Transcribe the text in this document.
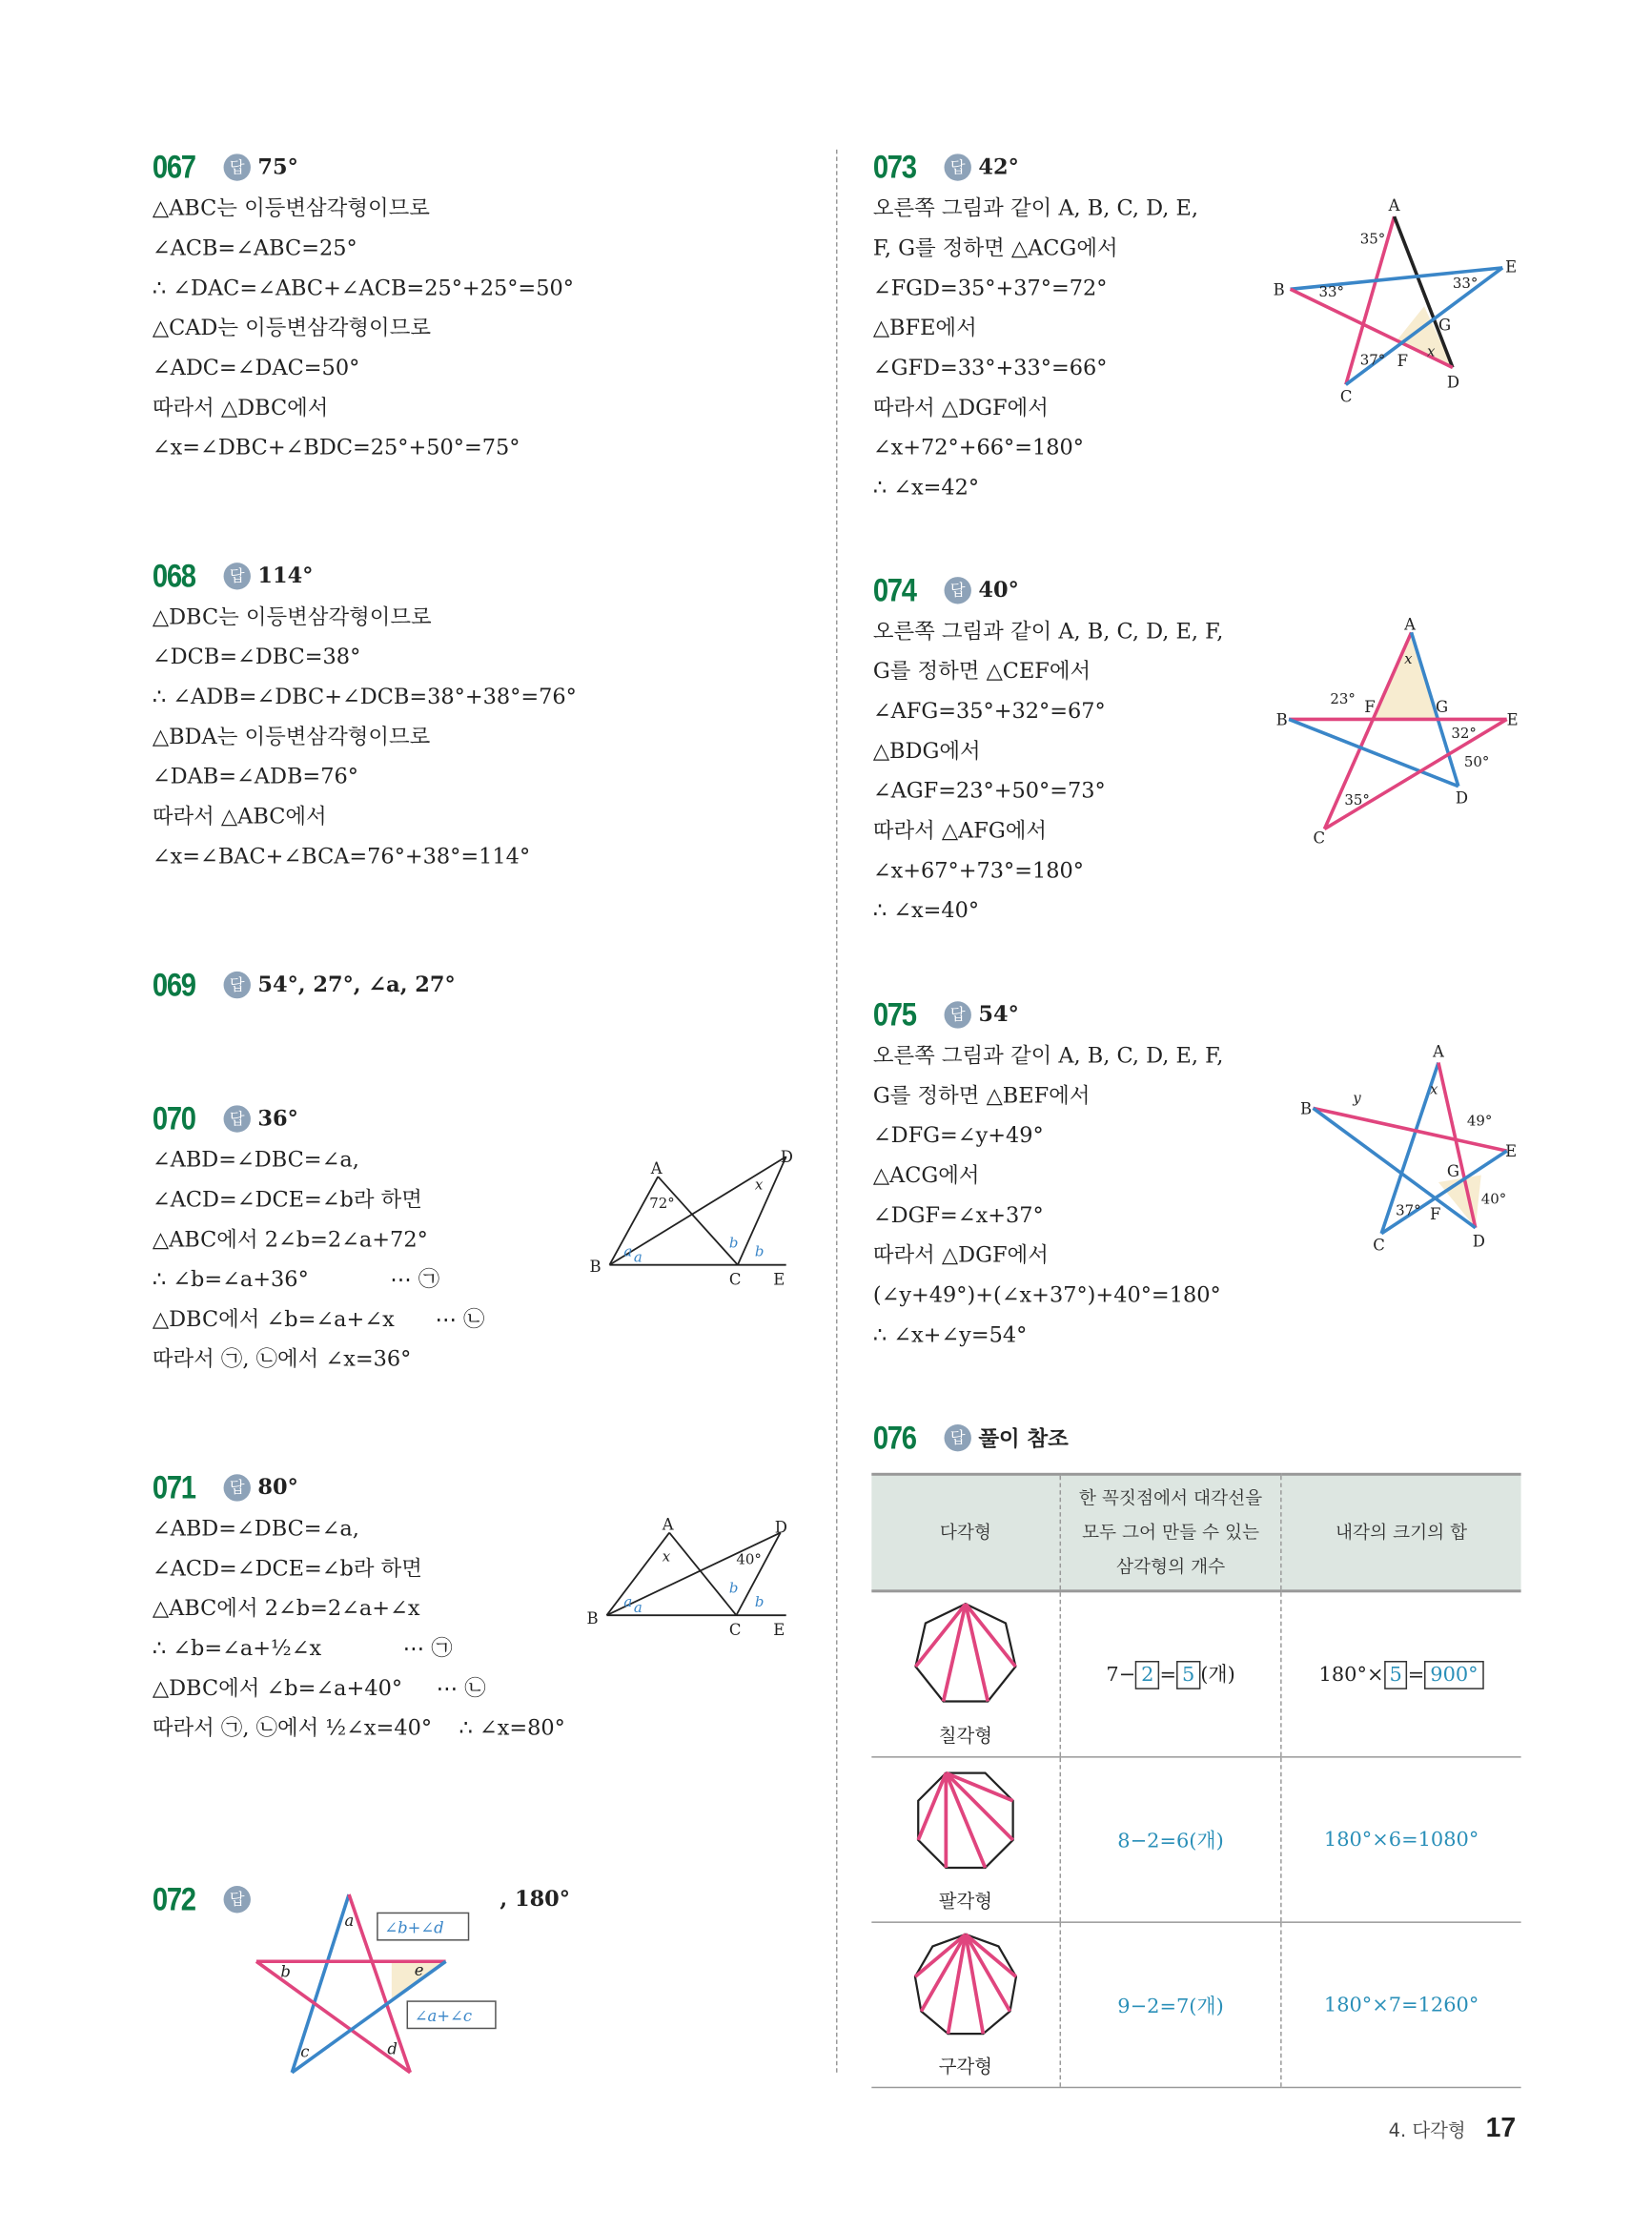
067	답 75°
△ABC는 이등변삼각형이므로
∠ACB=∠ABC=25°
∴ ∠DAC=∠ABC+∠ACB=25°+25°=50°
△CAD는 이등변삼각형이므로
∠ADC=∠DAC=50°
따라서 △DBC에서
∠x=∠DBC+∠BDC=25°+50°=75°
068	답 114°
△DBC는 이등변삼각형이므로
∠DCB=∠DBC=38°
∴ ∠ADB=∠DBC+∠DCB=38°+38°=76°
△BDA는 이등변삼각형이므로
∠DAB=∠ADB=76°
따라서 △ABC에서
∠x=∠BAC+∠BCA=76°+38°=114°
069	답 54°, 27°, ∠a, 27°
070	답 36°
∠ABD=∠DBC=∠a,
∠ACD=∠DCE=∠b라 하면
△ABC에서 2∠b=2∠a+72°
∴ ∠b=∠a+36°            ⋯ ㉠
△DBC에서 ∠b=∠a+∠x      ⋯ ㉡
따라서 ㉠, ㉡에서 ∠x=36°
071	답 80°
∠ABD=∠DBC=∠a,
∠ACD=∠DCE=∠b라 하면
△ABC에서 2∠b=2∠a+∠x
∴ ∠b=∠a+½∠x            ⋯ ㉠
△DBC에서 ∠b=∠a+40°     ⋯ ㉡
따라서 ㉠, ㉡에서 ½∠x=40°    ∴ ∠x=80°
072	답	, 180°
073	답 42°
오른쪽 그림과 같이 A, B, C, D, E,
F, G를 정하면 △ACG에서
∠FGD=35°+37°=72°
△BFE에서
∠GFD=33°+33°=66°
따라서 △DGF에서
∠x+72°+66°=180°
∴ ∠x=42°
074	답 40°
오른쪽 그림과 같이 A, B, C, D, E, F,
G를 정하면 △CEF에서
∠AFG=35°+32°=67°
△BDG에서
∠AGF=23°+50°=73°
따라서 △AFG에서
∠x+67°+73°=180°
∴ ∠x=40°
075	답 54°
오른쪽 그림과 같이 A, B, C, D, E, F,
G를 정하면 △BEF에서
∠DFG=∠y+49°
△ACG에서
∠DGF=∠x+37°
따라서 △DGF에서
(∠y+49°)+(∠x+37°)+40°=180°
∴ ∠x+∠y=54°
076	답 풀이 참조
A
B
C
D
E
72°
x
a a
b b
A
B
C
D
E
x	40°
a a
b
b
a
b
c	d
e
∠b+∠d
∠a+∠c
A
B
C
D
E
F
G
35°
33°	33°
37°	x
A
B
C
D
E
F	G
x
23°
32°
50°
35°
A
B
C	D
E
F
G
x
y
49°
40°
37°
다각형	한 꼭짓점에서 대각선을
모두 그어 만들 수 있는
삼각형의 개수	내각의 크기의 합

칠각형	7− 2 = 5 (개)	180°× 5 = 900°

팔각형	8−2=6(개)	180°×6=1080°

구각형	9−2=7(개)	180°×7=1260°
4. 다각형 17
